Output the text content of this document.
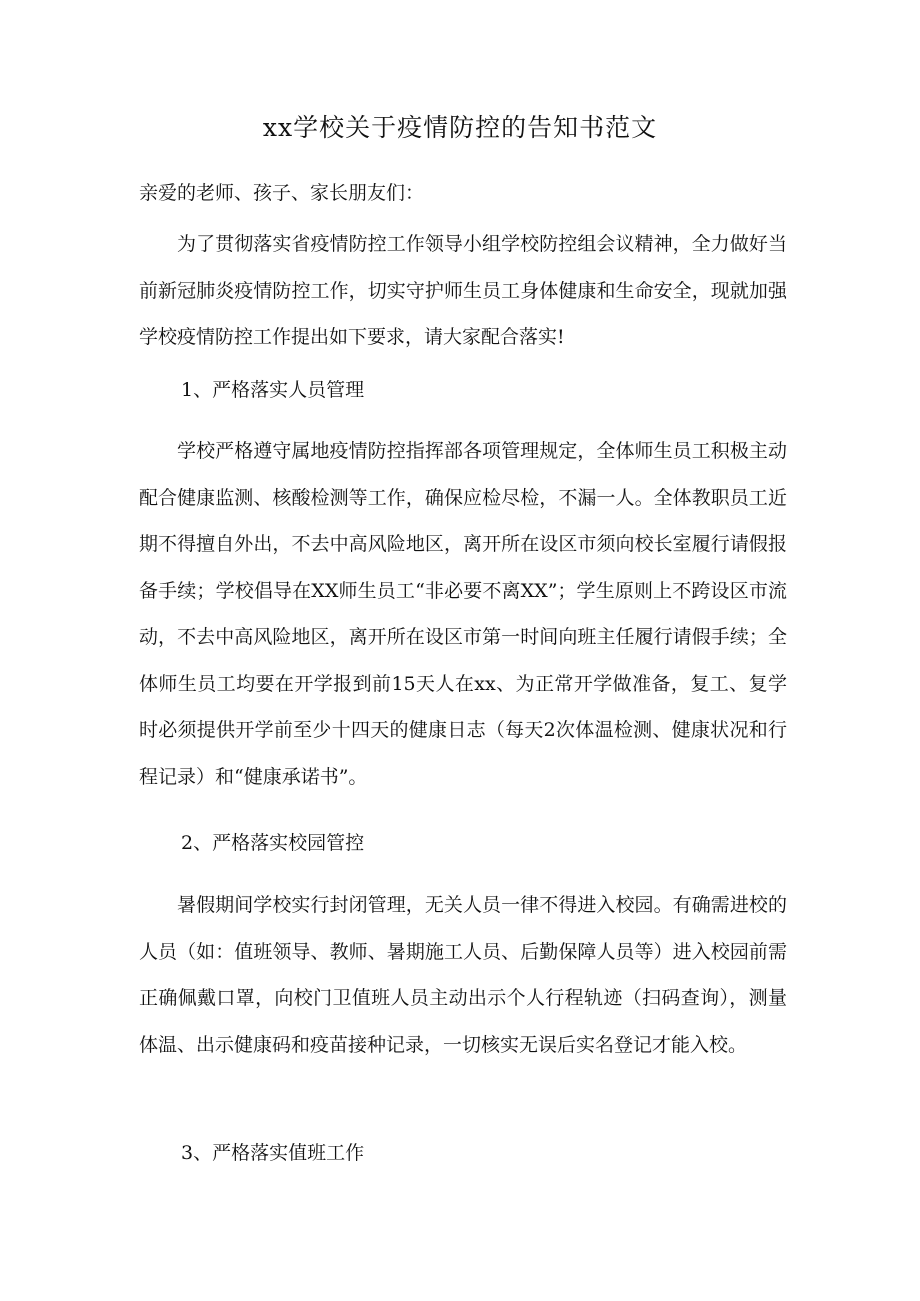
xx学校关于疫情防控的告知书范文
亲爱的老师、孩子、家长朋友们：

为了贯彻落实省疫情防控工作领导小组学校防控组会议精神，全力做好当前新冠肺炎疫情防控工作，切实守护师生员工身体健康和生命安全，现就加强学校疫情防控工作提出如下要求，请大家配合落实!

1、严格落实人员管理

学校严格遵守属地疫情防控指挥部各项管理规定，全体师生员工积极主动配合健康监测、核酸检测等工作，确保应检尽检，不漏一人。全体教职员工近期不得擅自外出，不去中高风险地区，离开所在设区市须向校长室履行请假报备手续；学校倡导在XX师生员工“非必要不离XX”；学生原则上不跨设区市流动，不去中高风险地区，离开所在设区市第一时间向班主任履行请假手续；全体师生员工均要在开学报到前15天人在xx、为正常开学做准备，复工、复学时必须提供开学前至少十四天的健康日志（每天2次体温检测、健康状况和行程记录）和“健康承诺书”。

2、严格落实校园管控

暑假期间学校实行封闭管理，无关人员一律不得进入校园。有确需进校的人员（如：值班领导、教师、暑期施工人员、后勤保障人员等）进入校园前需正确佩戴口罩，向校门卫值班人员主动出示个人行程轨迹（扫码查询），测量体温、出示健康码和疫苗接种记录，一切核实无误后实名登记才能入校。

3、严格落实值班工作
